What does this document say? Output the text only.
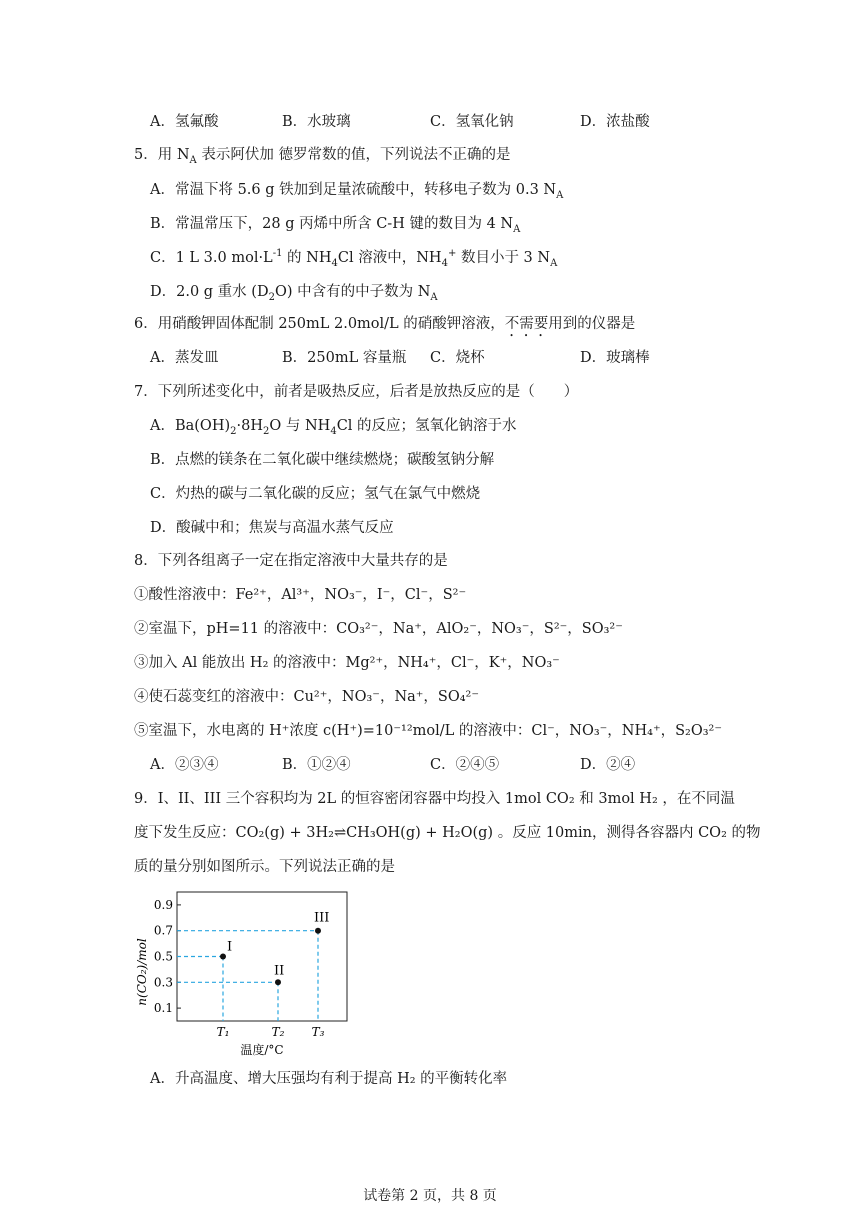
A．氢氟酸	B．水玻璃	C．氢氧化钠	D．浓盐酸
5．用 $N_A$ 表示阿伏加 德罗常数的值，下列说法不正确的是
A．常温下将 5.6 g 铁加到足量浓硫酸中，转移电子数为 0.3 $N_A$
B．常温常压下，28 g 丙烯中所含 C-H 键的数目为 4 $N_A$
C．1 L 3.0 $mol\cdot L^{-1}$ 的 $NH_4Cl$ 溶液中，$NH_4^+$ 数目小于 3 $N_A$
D．2.0 g 重水 $(D_2O)$ 中含有的中子数为 $N_A$
6．用硝酸钾固体配制 250mL 2.0mol/L 的硝酸钾溶液，不需要用到的仪器是
A．蒸发皿	B．250mL 容量瓶 C．烧杯	D．玻璃棒
7．下列所述变化中，前者是吸热反应，后者是放热反应的是（　　）
A．$Ba(OH)_2\cdot 8H_2O$ 与 $NH_4Cl$ 的反应；氢氧化钠溶于水
B．点燃的镁条在二氧化碳中继续燃烧；碳酸氢钠分解
C．灼热的碳与二氧化碳的反应；氢气在氯气中燃烧
D．酸碱中和；焦炭与高温水蒸气反应
8．下列各组离子一定在指定溶液中大量共存的是
①酸性溶液中：Fe²⁺，Al³⁺，NO₃⁻，I⁻，Cl⁻，S²⁻
②室温下，pH=11 的溶液中：CO₃²⁻，Na⁺，AlO₂⁻，NO₃⁻，S²⁻，SO₃²⁻
③加入 Al 能放出 H₂ 的溶液中：Mg²⁺，NH₄⁺，Cl⁻，K⁺，NO₃⁻
④使石蕊变红的溶液中：Cu²⁺，NO₃⁻，Na⁺，SO₄²⁻
⑤室温下，水电离的 H⁺浓度 c(H⁺)=10⁻¹²mol/L 的溶液中：Cl⁻，NO₃⁻，NH₄⁺，S₂O₃²⁻
A．②③④	B．①②④	C．②④⑤	D．②④
9．I、II、III 三个容积均为 2L 的恒容密闭容器中均投入 1mol CO₂ 和 3mol H₂ ，在不同温
度下发生反应：CO₂(g) + 3H₂⇌CH₃OH(g) + H₂O(g) 。反应 10min，测得各容器内 CO₂ 的物
质的量分别如图所示。下列说法正确的是
0.9
0.7
0.5
0.3
0.1
T₁	T₂ T₃
I
II
III
n(CO₂)/mol
温度/°C
A．升高温度、增大压强均有利于提高 H₂ 的平衡转化率
试卷第 2 页，共 8 页
